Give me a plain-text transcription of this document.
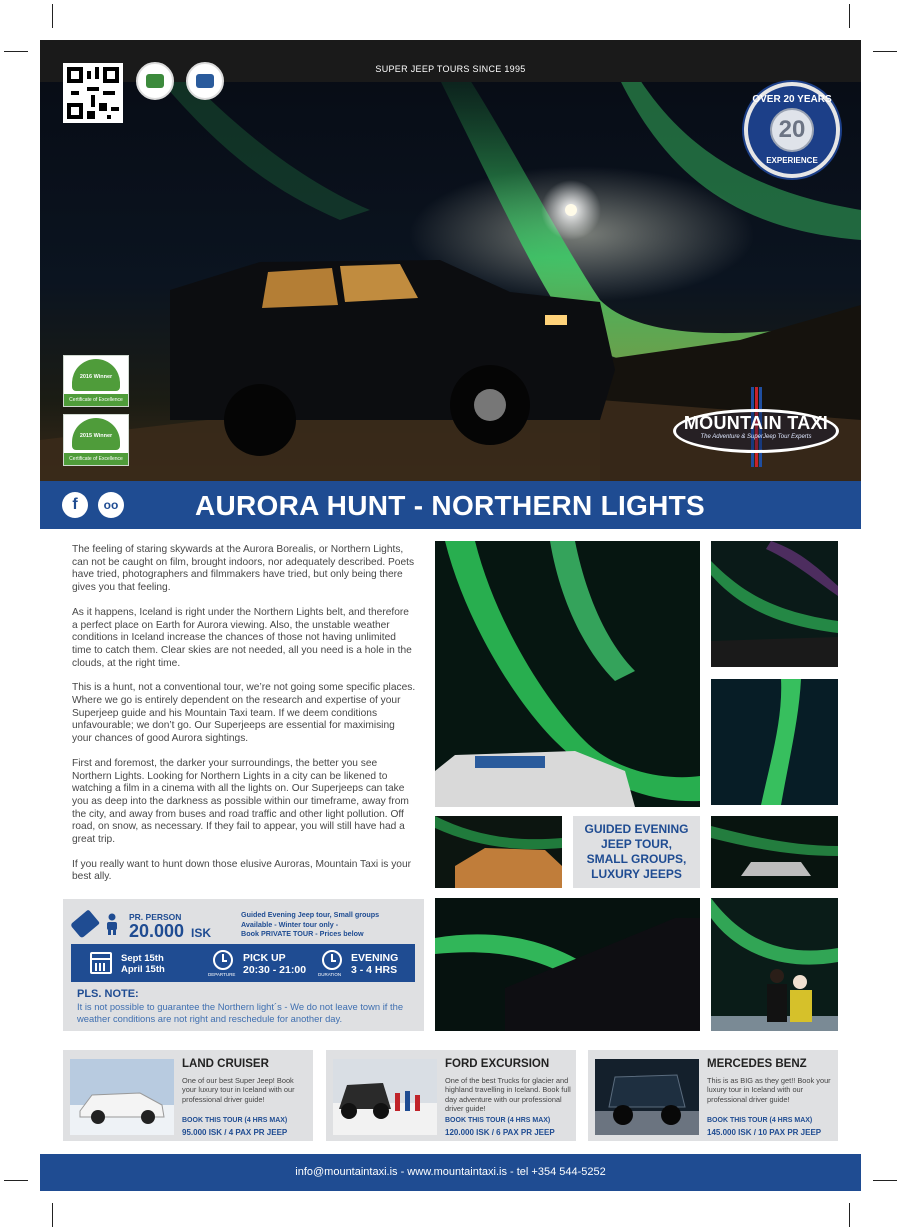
SUPER JEEP TOURS SINCE 1995
OVER 20 YEARS
20
EXPERIENCE
2016 Winner
Certificate of Excellence
2015 Winner
Certificate of Excellence
MOUNTAIN TAXI
The Adventure & SuperJeep Tour Experts
f	oo	AURORA HUNT - NORTHERN LIGHTS

The feeling of staring skywards at the Aurora Borealis, or Northern Lights, can not be caught on film, brought indoors, nor adequately described. Poets have tried, photographers and filmmakers have tried, but only being there gives you that feeling.

As it happens, Iceland is right under the Northern Lights belt, and therefore a perfect place on Earth for Aurora viewing. Also, the unstable weather conditions in Iceland increase the chances of those not having unlimited time to catch them. Clear skies are not needed, all you need is a hole in the clouds, at the right time.

This is a hunt, not a conventional tour, we’re not going some specific places. Where we go is entirely dependent on the research and expertise of your Superjeep guide and his Mountain Taxi team. If we deem conditions unfavourable; we don’t go. Our Superjeeps are essential for maximising your chances of good Aurora sightings.

First and foremost, the darker your surroundings, the better you see Northern Lights. Looking for Northern Lights in a city can be likened to watching a film in a cinema with all the lights on. Our Superjeeps can take you as deep into the darkness as possible within our timeframe, away from the city, and away from buses and road traffic and other light pollution. Off road, on snow, as necessary. If they fail to appear, you will still have had a great trip.

If you really want to hunt down those elusive Auroras, Mountain Taxi is your best ally.

GUIDED EVENING
JEEP TOUR,
SMALL GROUPS,
LUXURY JEEPS
PR. PERSON
20.000 ISK
Guided Evening Jeep tour, Small groups
Available - Winter tour only -
Book PRIVATE TOUR - Prices below
Sept 15th
April 15th	DEPARTURE
PICK UP
20:30 - 21:00	DURATION
EVENING
3 - 4 HRS
PLS. NOTE:
It is not possible to guarantee the Northern light´s - We do not leave town if the weather conditions are not right and reschedule for another day.
LAND CRUISER
One of our best Super Jeep! Book your luxury tour in Iceland with our professional driver guide!
BOOK THIS TOUR (4 HRS MAX)
95.000 ISK / 4 PAX PR JEEP
FORD EXCURSION
One of the best Trucks for glacier and highland travelling in Iceland. Book full day adventure with our professional driver guide!
BOOK THIS TOUR (4 HRS MAX)
120.000 ISK / 6 PAX PR JEEP
MERCEDES BENZ
This is as BIG as they get!! Book your luxury tour in Iceland with our professional driver guide!
BOOK THIS TOUR (4 HRS MAX)
145.000 ISK / 10 PAX PR JEEP
info@mountaintaxi.is - www.mountaintaxi.is - tel +354 544-5252
